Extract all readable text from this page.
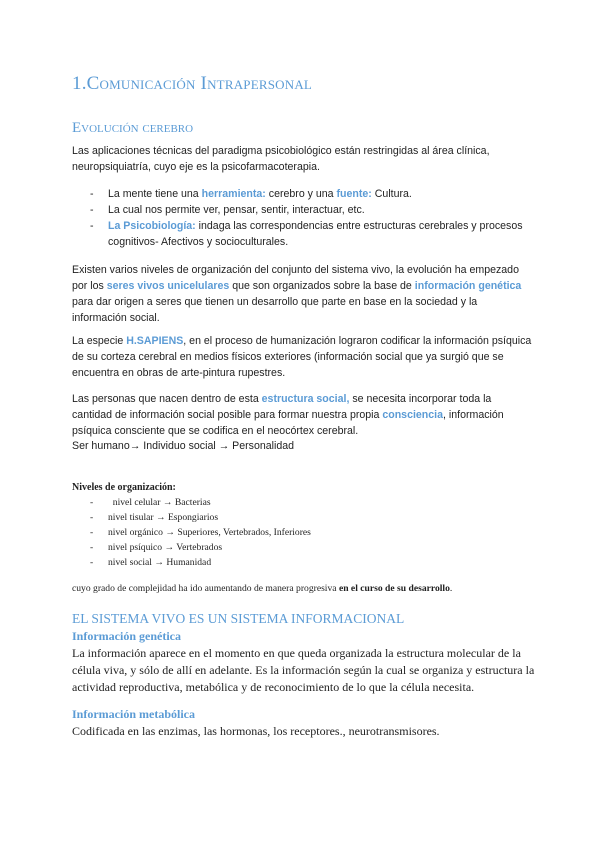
1.Comunicación Intrapersonal
Evolución cerebro

Las aplicaciones técnicas del paradigma psicobiológico están restringidas al área clínica, neuropsiquiatría, cuyo eje es la psicofarmacoterapia.

- La mente tiene una herramienta: cerebro y una fuente: Cultura.
- La cual nos permite ver, pensar, sentir, interactuar, etc.
- La Psicobiología: indaga las correspondencias entre estructuras cerebrales y procesos cognitivos- Afectivos y socioculturales.

Existen varios niveles de organización del conjunto del sistema vivo, la evolución ha empezado por los seres vivos unicelulares que son organizados sobre la base de información genética para dar origen a seres que tienen un desarrollo que parte en base en la sociedad y la información social.

La especie H.SAPIENS, en el proceso de humanización lograron codificar la información psíquica de su corteza cerebral en medios físicos exteriores (información social que ya surgió que se encuentra en obras de arte-pintura rupestres.

Las personas que nacen dentro de esta estructura social, se necesita incorporar toda la cantidad de información social posible para formar nuestra propia consciencia, información psíquica consciente que se codifica en el neocórtex cerebral.

Ser humano→ Individuo social → Personalidad

Niveles de organización:
-  nivel celular → Bacterias
- nivel tisular → Espongiarios
- nivel orgánico → Superiores, Vertebrados, Inferiores
- nivel psíquico → Vertebrados
- nivel social → Humanidad
cuyo grado de complejidad ha ido aumentando de manera progresiva en el curso de su desarrollo.
EL SISTEMA VIVO ES UN SISTEMA INFORMACIONAL
Información genética

La información aparece en el momento en que queda organizada la estructura molecular de la célula viva, y sólo de allí en adelante. Es la información según la cual se organiza y estructura la actividad reproductiva, metabólica y de reconocimiento de lo que la célula necesita.

Información metabólica

Codificada en las enzimas, las hormonas, los receptores., neurotransmisores.
